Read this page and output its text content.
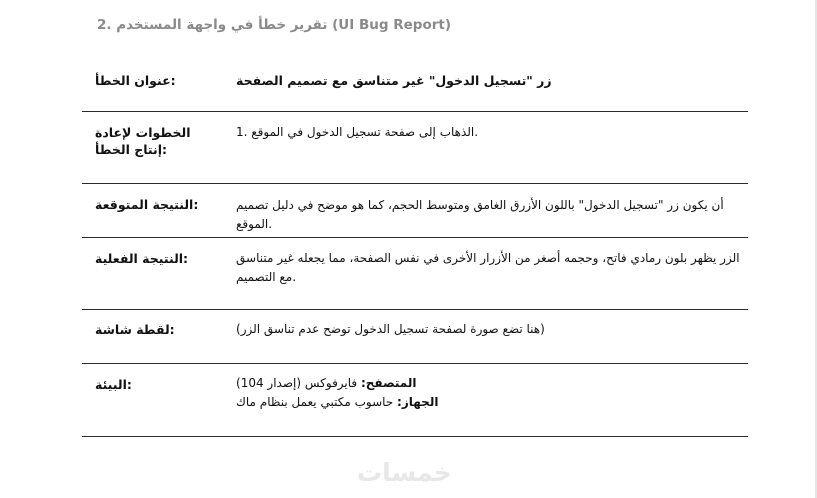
2. تقرير خطأ في واجهة المستخدم (UI Bug Report)
عنوان الخطأ:	زر "تسجيل الدخول" غير متناسق مع تصميم الصفحة
الخطوات لإعادة إنتاج الخطأ:
1. الذهاب إلى صفحة تسجيل الدخول في الموقع.
النتيجة المتوقعة:	أن يكون زر "تسجيل الدخول" باللون الأزرق الغامق ومتوسط الحجم، كما هو موضح في دليل تصميم الموقع.
النتيجة الفعلية:	الزر يظهر بلون رمادي فاتح، وحجمه أصغر من الأزرار الأخرى في نفس الصفحة، مما يجعله غير متناسق مع التصميم.
لقطة شاشة:	(هنا تضع صورة لصفحة تسجيل الدخول توضح عدم تناسق الزر)
البيئة:	المتصفح: فايرفوكس (إصدار 104)
الجهاز: حاسوب مكتبي يعمل بنظام ماك
خمسات
